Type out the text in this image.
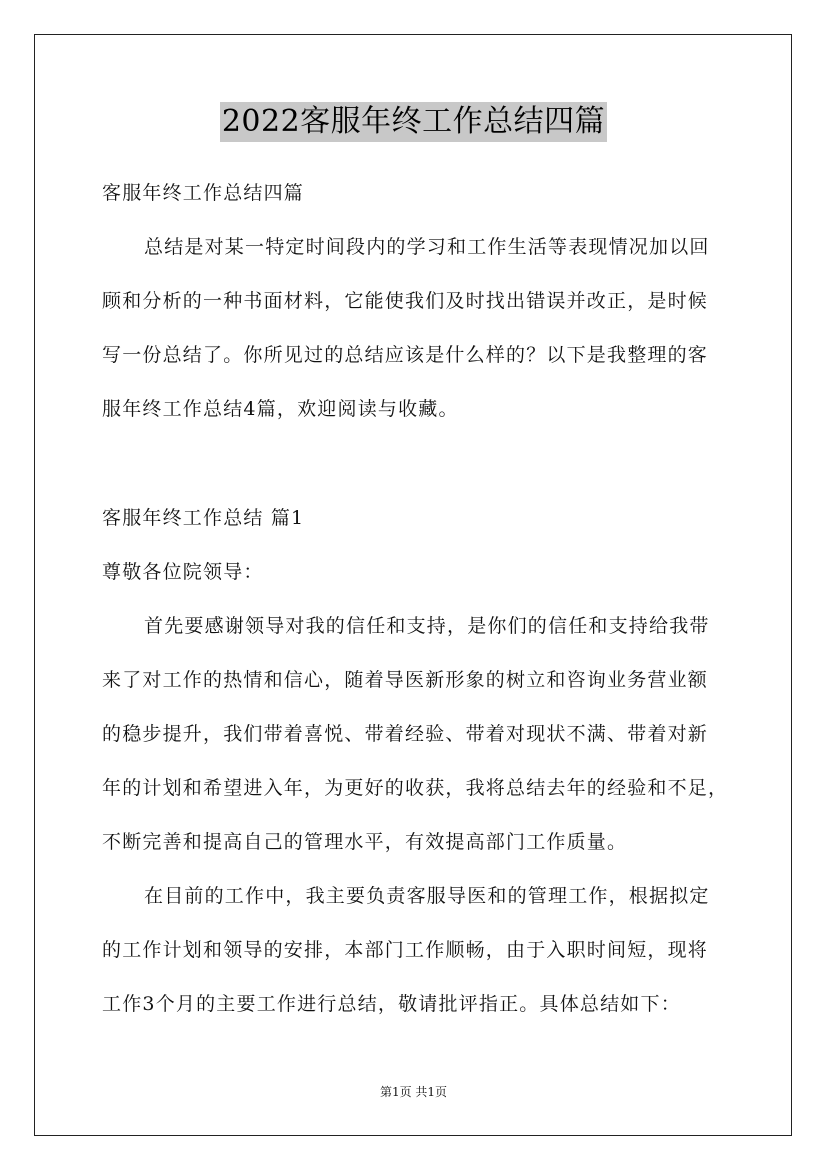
2022客服年终工作总结四篇
客服年终工作总结四篇
总结是对某一特定时间段内的学习和工作生活等表现情况加以回
顾和分析的一种书面材料，它能使我们及时找出错误并改正，是时候
写一份总结了。你所见过的总结应该是什么样的？以下是我整理的客
服年终工作总结4篇，欢迎阅读与收藏。
客服年终工作总结 篇1
尊敬各位院领导：
首先要感谢领导对我的信任和支持，是你们的信任和支持给我带
来了对工作的热情和信心，随着导医新形象的树立和咨询业务营业额
的稳步提升，我们带着喜悦、带着经验、带着对现状不满、带着对新
年的计划和希望进入年，为更好的收获，我将总结去年的经验和不足，
不断完善和提高自己的管理水平，有效提高部门工作质量。
在目前的工作中，我主要负责客服导医和的管理工作，根据拟定
的工作计划和领导的安排，本部门工作顺畅，由于入职时间短，现将
工作3个月的主要工作进行总结，敬请批评指正。具体总结如下：
第1页 共1页
